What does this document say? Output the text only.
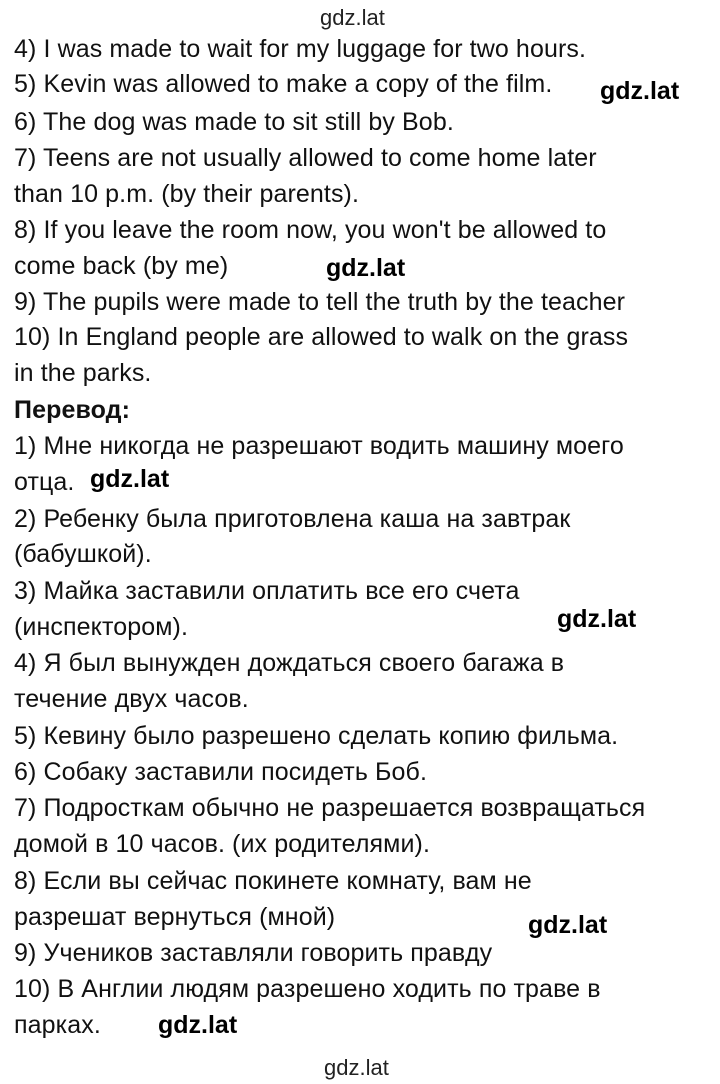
gdz.lat
4) I was made to wait for my luggage for two hours.
5) Kevin was allowed to make a copy of the film. gdz.lat
6) The dog was made to sit still by Bob.
7) Teens are not usually allowed to come home later
than 10 p.m. (by their parents).
8) If you leave the room now, you won't be allowed to
come back (by me)	gdz.lat
9) The pupils were made to tell the truth by the teacher
10) In England people are allowed to walk on the grass
in the parks.
Перевод:
1) Мне никогда не разрешают водить машину моего
отца. gdz.lat
2) Ребенку была приготовлена каша на завтрак
(бабушкой).
3) Майка заставили оплатить все его счета
gdz.lat
(инспектором).
4) Я был вынужден дождаться своего багажа в
течение двух часов.
5) Кевину было разрешено сделать копию фильма.
6) Собаку заставили посидеть Боб.
7) Подросткам обычно не разрешается возвращаться
домой в 10 часов. (их родителями).
8) Если вы сейчас покинете комнату, вам не
разрешат вернуться (мной)	gdz.lat
9) Учеников заставляли говорить правду
10) В Англии людям разрешено ходить по траве в
парках. gdz.lat
gdz.lat
